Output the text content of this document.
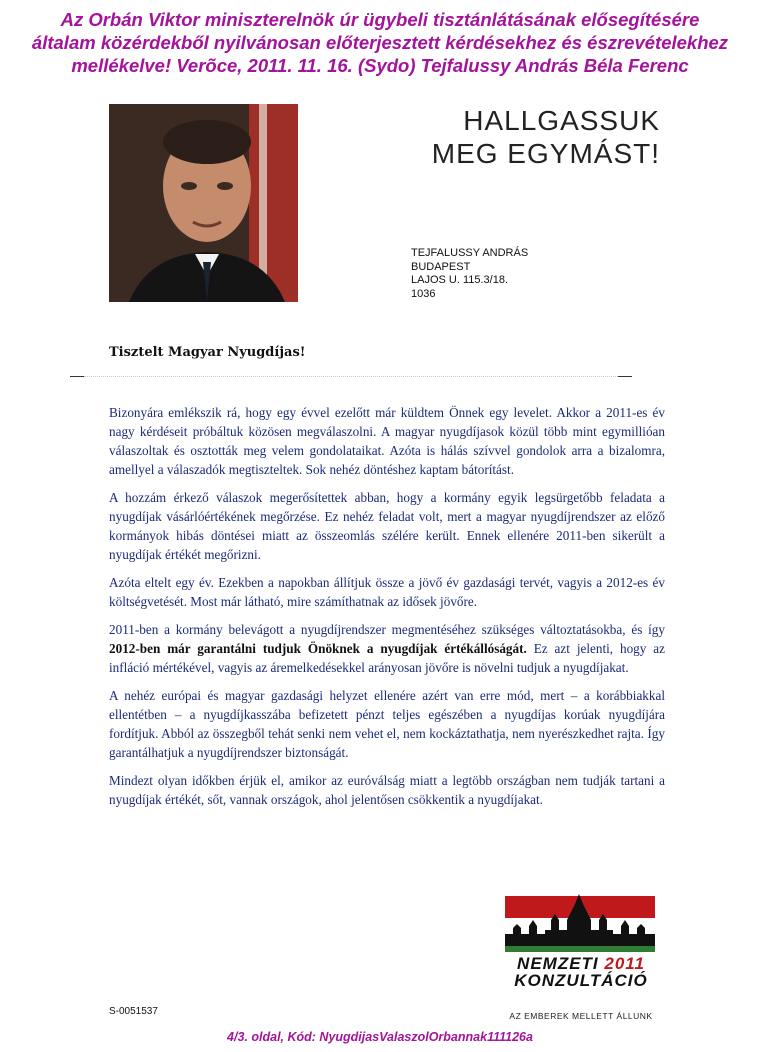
Az Orbán Viktor miniszterelnök úr ügybeli tisztánlátásának elősegítésére
általam közérdekből nyilvánosan előterjesztett kérdésekhez és észrevételekhez
mellékelve! Verõce, 2011. 11. 16. (Sydo) Tejfalussy András Béla Ferenc
HALLGASSUK
MEG EGYMÁST!
TEJFALUSSY ANDRÁS
BUDAPEST
LAJOS U. 115.3/18.
1036
Tisztelt Magyar Nyugdíjas!

Bizonyára emlékszik rá, hogy egy évvel ezelőtt már küldtem Önnek egy levelet. Akkor a 2011-es év nagy kérdéseit próbáltuk közösen megválaszolni. A magyar nyugdíjasok közül több mint egymillióan válaszoltak és osztották meg velem gondolataikat. Azóta is hálás szívvel gondolok arra a bizalomra, amellyel a válaszadók megtiszteltek. Sok nehéz döntéshez kaptam bátorítást.

A hozzám érkező válaszok megerősítettek abban, hogy a kormány egyik legsürgetőbb feladata a nyugdíjak vásárlóértékének megőrzése. Ez nehéz feladat volt, mert a magyar nyugdíjrendszer az előző kormányok hibás döntései miatt az összeomlás szélére került. Ennek ellenére 2011-ben sikerült a nyugdíjak értékét megőrizni.

Azóta eltelt egy év. Ezekben a napokban állítjuk össze a jövő év gazdasági tervét, vagyis a 2012-es év költségvetését. Most már látható, mire számíthatnak az idősek jövőre.

2011-ben a kormány belevágott a nyugdíjrendszer megmentéséhez szükséges változtatásokba, és így 2012-ben már garantálni tudjuk Önöknek a nyugdíjak értékállóságát. Ez azt jelenti, hogy az infláció mértékével, vagyis az áremelkedésekkel arányosan jövőre is növelni tudjuk a nyugdíjakat.

A nehéz európai és magyar gazdasági helyzet ellenére azért van erre mód, mert – a korábbiakkal ellentétben – a nyugdíjkasszába befizetett pénzt teljes egészében a nyugdíjas korúak nyugdíjára fordítjuk. Abból az összegből tehát senki nem vehet el, nem kockáztathatja, nem nyerészkedhet rajta. Így garantálhatjuk a nyugdíjrendszer biztonságát.

Mindezt olyan időkben érjük el, amikor az euróválság miatt a legtöbb országban nem tudják tartani a nyugdíjak értékét, sőt, vannak országok, ahol jelentősen csökkentik a nyugdíjakat.

NEMZETI 2011
KONZULTÁCIÓ
AZ EMBEREK MELLETT ÁLLUNK
S-0051537
4/3. oldal, Kód: NyugdijasValaszolOrbannak111126a
